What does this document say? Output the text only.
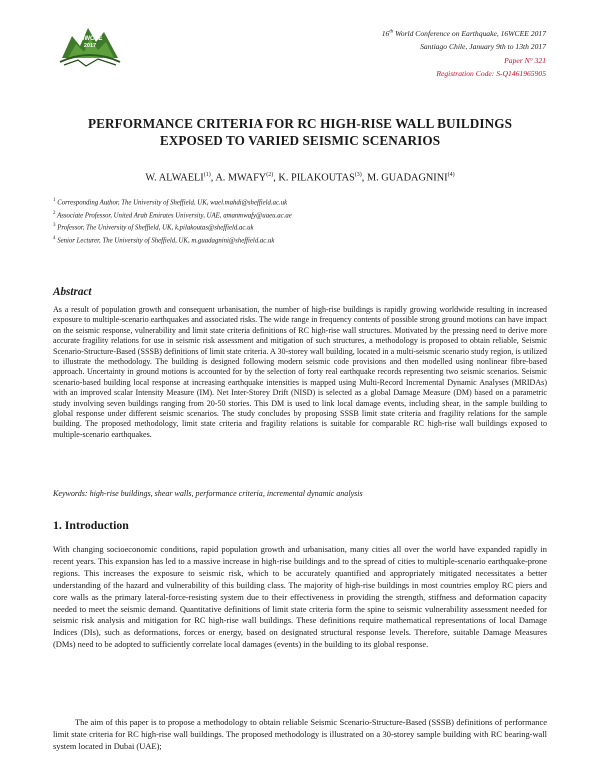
16WCEE
2017
16th World Conference on Earthquake, 16WCEE 2017
Santiago Chile, January 9th to 13th 2017
Paper N° 321
Registration Code: S-Q1461965905
PERFORMANCE CRITERIA FOR RC HIGH-RISE WALL BUILDINGS EXPOSED TO VARIED SEISMIC SCENARIOS
W. ALWAELI$^{(1)}$, A. MWAFY$^{(2)}$, K. PILAKOUTAS$^{(3)}$, M. GUADAGNINI$^{(4)}$
$^1$ Corresponding Author, The University of Sheffield, UK, wael.mahdi@sheffield.ac.uk
$^2$ Associate Professor, United Arab Emirates University, UAE, amanmwafy@uaeu.ac.ae
$^3$ Professor, The University of Sheffield, UK, k.pilakoutas@sheffield.ac.uk
$^4$ Senior Lecturer, The University of Sheffield, UK, m.guadagnini@sheffield.ac.uk
Abstract
As a result of population growth and consequent urbanisation, the number of high-rise buildings is rapidly growing worldwide resulting in increased exposure to multiple-scenario earthquakes and associated risks. The wide range in frequency contents of possible strong ground motions can have impact on the seismic response, vulnerability and limit state criteria definitions of RC high-rise wall structures. Motivated by the pressing need to derive more accurate fragility relations for use in seismic risk assessment and mitigation of such structures, a methodology is proposed to obtain reliable, Seismic Scenario-Structure-Based (SSSB) definitions of limit state criteria. A 30-storey wall building, located in a multi-seismic scenario study region, is utilized to illustrate the methodology. The building is designed following modern seismic code provisions and then modelled using nonlinear fibre-based approach. Uncertainty in ground motions is accounted for by the selection of forty real earthquake records representing two seismic scenarios. Seismic scenario-based building local response at increasing earthquake intensities is mapped using Multi-Record Incremental Dynamic Analyses (MRIDAs) with an improved scalar Intensity Measure (IM). Net Inter-Storey Drift (NISD) is selected as a global Damage Measure (DM) based on a parametric study involving seven buildings ranging from 20-50 stories. This DM is used to link local damage events, including shear, in the sample building to global response under different seismic scenarios. The study concludes by proposing SSSB limit state criteria and fragility relations for the sample building. The proposed methodology, limit state criteria and fragility relations is suitable for comparable RC high-rise wall buildings exposed to multiple-scenario earthquakes.
Keywords: high-rise buildings, shear walls, performance criteria, incremental dynamic analysis
1. Introduction
With changing socioeconomic conditions, rapid population growth and urbanisation, many cities all over the world have expanded rapidly in recent years. This expansion has led to a massive increase in high-rise buildings and to the spread of cities to multiple-scenario earthquake-prone regions. This increases the exposure to seismic risk, which to be accurately quantified and appropriately mitigated necessitates a better understanding of the hazard and vulnerability of this building class. The majority of high-rise buildings in most countries employ RC piers and core walls as the primary lateral-force-resisting system due to their effectiveness in providing the strength, stiffness and deformation capacity needed to meet the seismic demand. Quantitative definitions of limit state criteria form the spine to seismic vulnerability assessment needed for seismic risk analysis and mitigation for RC high-rise wall buildings. These definitions require mathematical representations of local Damage Indices (DIs), such as deformations, forces or energy, based on designated structural response levels. Therefore, suitable Damage Measures (DMs) need to be adopted to sufficiently correlate local damages (events) in the building to its global response.
The aim of this paper is to propose a methodology to obtain reliable Seismic Scenario-Structure-Based (SSSB) definitions of performance limit state criteria for RC high-rise wall buildings. The proposed methodology is illustrated on a 30-storey sample building with RC bearing-wall system located in Dubai (UAE);
